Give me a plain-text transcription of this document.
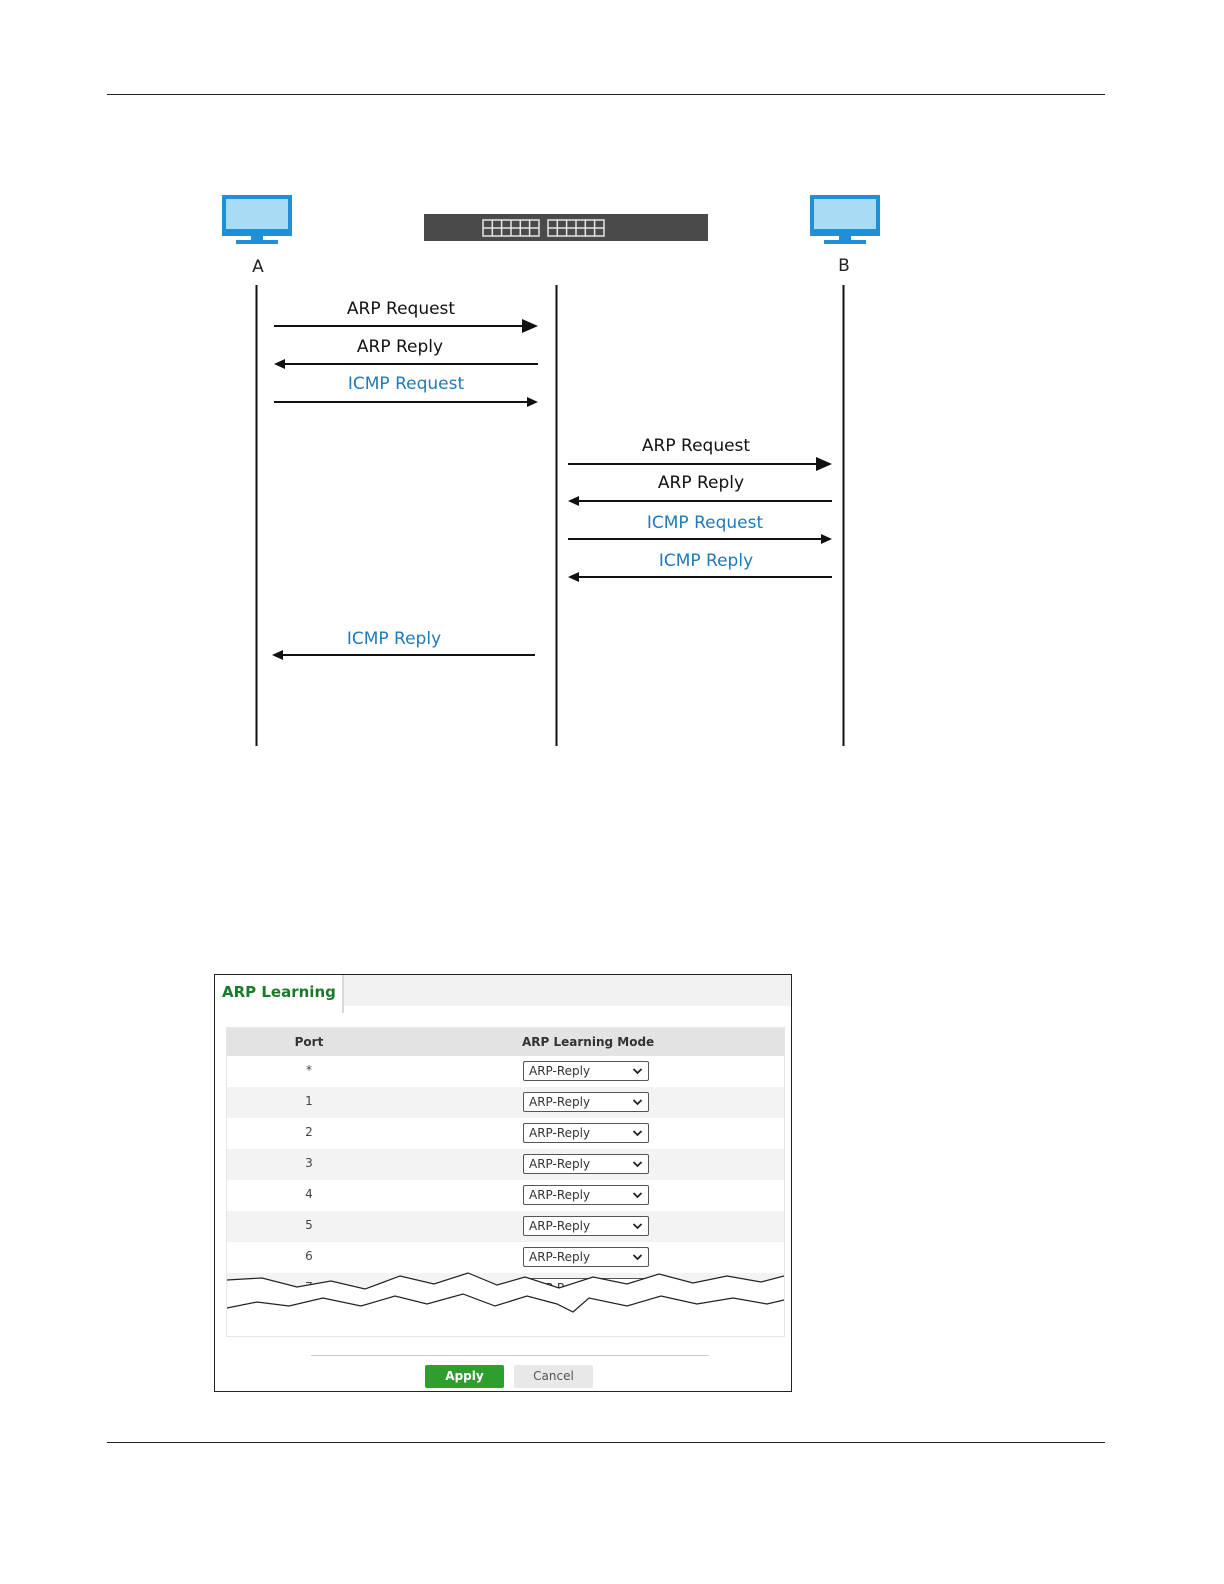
A	B
ARP Request
ARP Reply
ICMP Request
ICMP Reply
ARP Request
ARP Reply
ICMP Request
ICMP Reply
ARP Learning
Port	ARP Learning Mode
*	ARP-Reply
1	ARP-Reply
2	ARP-Reply
3	ARP-Reply
4	ARP-Reply
5	ARP-Reply
6	ARP-Reply
Apply	Cancel
